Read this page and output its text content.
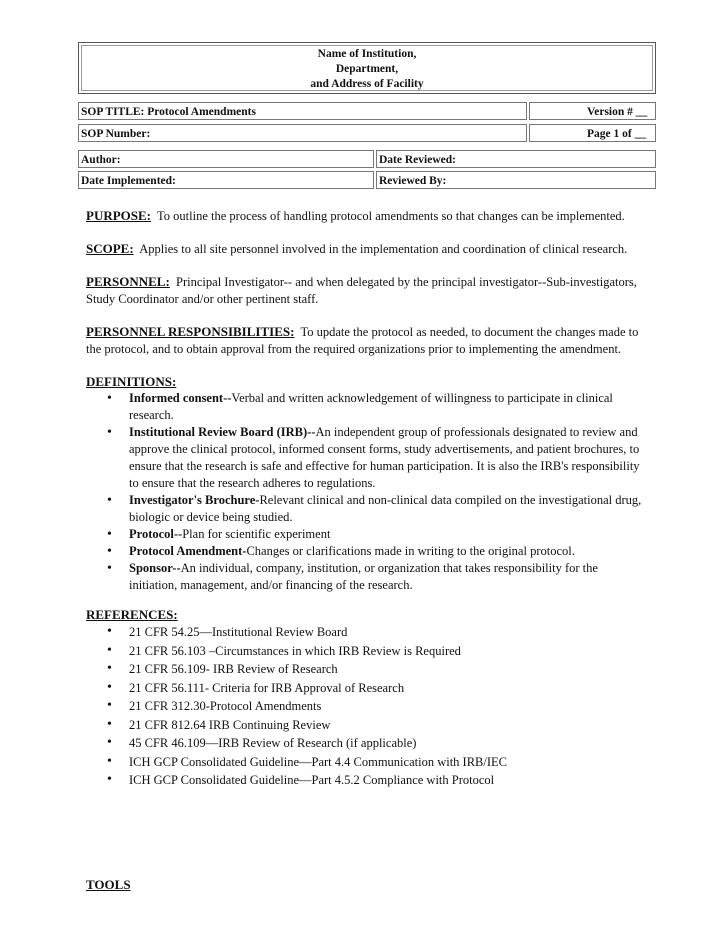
Name of Institution,
Department,
and Address of Facility
SOP TITLE: Protocol Amendments	Version # __
SOP Number:	Page 1 of __
Author:	Date Reviewed:
Date Implemented:	Reviewed By:

PURPOSE: To outline the process of handling protocol amendments so that changes can be implemented.

SCOPE: Applies to all site personnel involved in the implementation and coordination of clinical research.

PERSONNEL: Principal Investigator-- and when delegated by the principal investigator--Sub-investigators, Study Coordinator and/or other pertinent staff.

PERSONNEL RESPONSIBILITIES: To update the protocol as needed, to document the changes made to the protocol, and to obtain approval from the required organizations prior to implementing the amendment.

DEFINITIONS:

• Informed consent--Verbal and written acknowledgement of willingness to participate in clinical research.
• Institutional Review Board (IRB)--An independent group of professionals designated to review and approve the clinical protocol, informed consent forms, study advertisements, and patient brochures, to ensure that the research is safe and effective for human participation. It is also the IRB's responsibility to ensure that the research adheres to regulations.
• Investigator's Brochure-Relevant clinical and non-clinical data compiled on the investigational drug, biologic or device being studied.
• Protocol--Plan for scientific experiment
• Protocol Amendment-Changes or clarifications made in writing to the original protocol.
• Sponsor--An individual, company, institution, or organization that takes responsibility for the initiation, management, and/or financing of the research.

REFERENCES:

• 21 CFR 54.25—Institutional Review Board
• 21 CFR 56.103 –Circumstances in which IRB Review is Required
• 21 CFR 56.109- IRB Review of Research
• 21 CFR 56.111- Criteria for IRB Approval of Research
• 21 CFR 312.30-Protocol Amendments
• 21 CFR 812.64 IRB Continuing Review
• 45 CFR 46.109—IRB Review of Research (if applicable)
• ICH GCP Consolidated Guideline—Part 4.4 Communication with IRB/IEC
• ICH GCP Consolidated Guideline—Part 4.5.2 Compliance with Protocol
TOOLS
